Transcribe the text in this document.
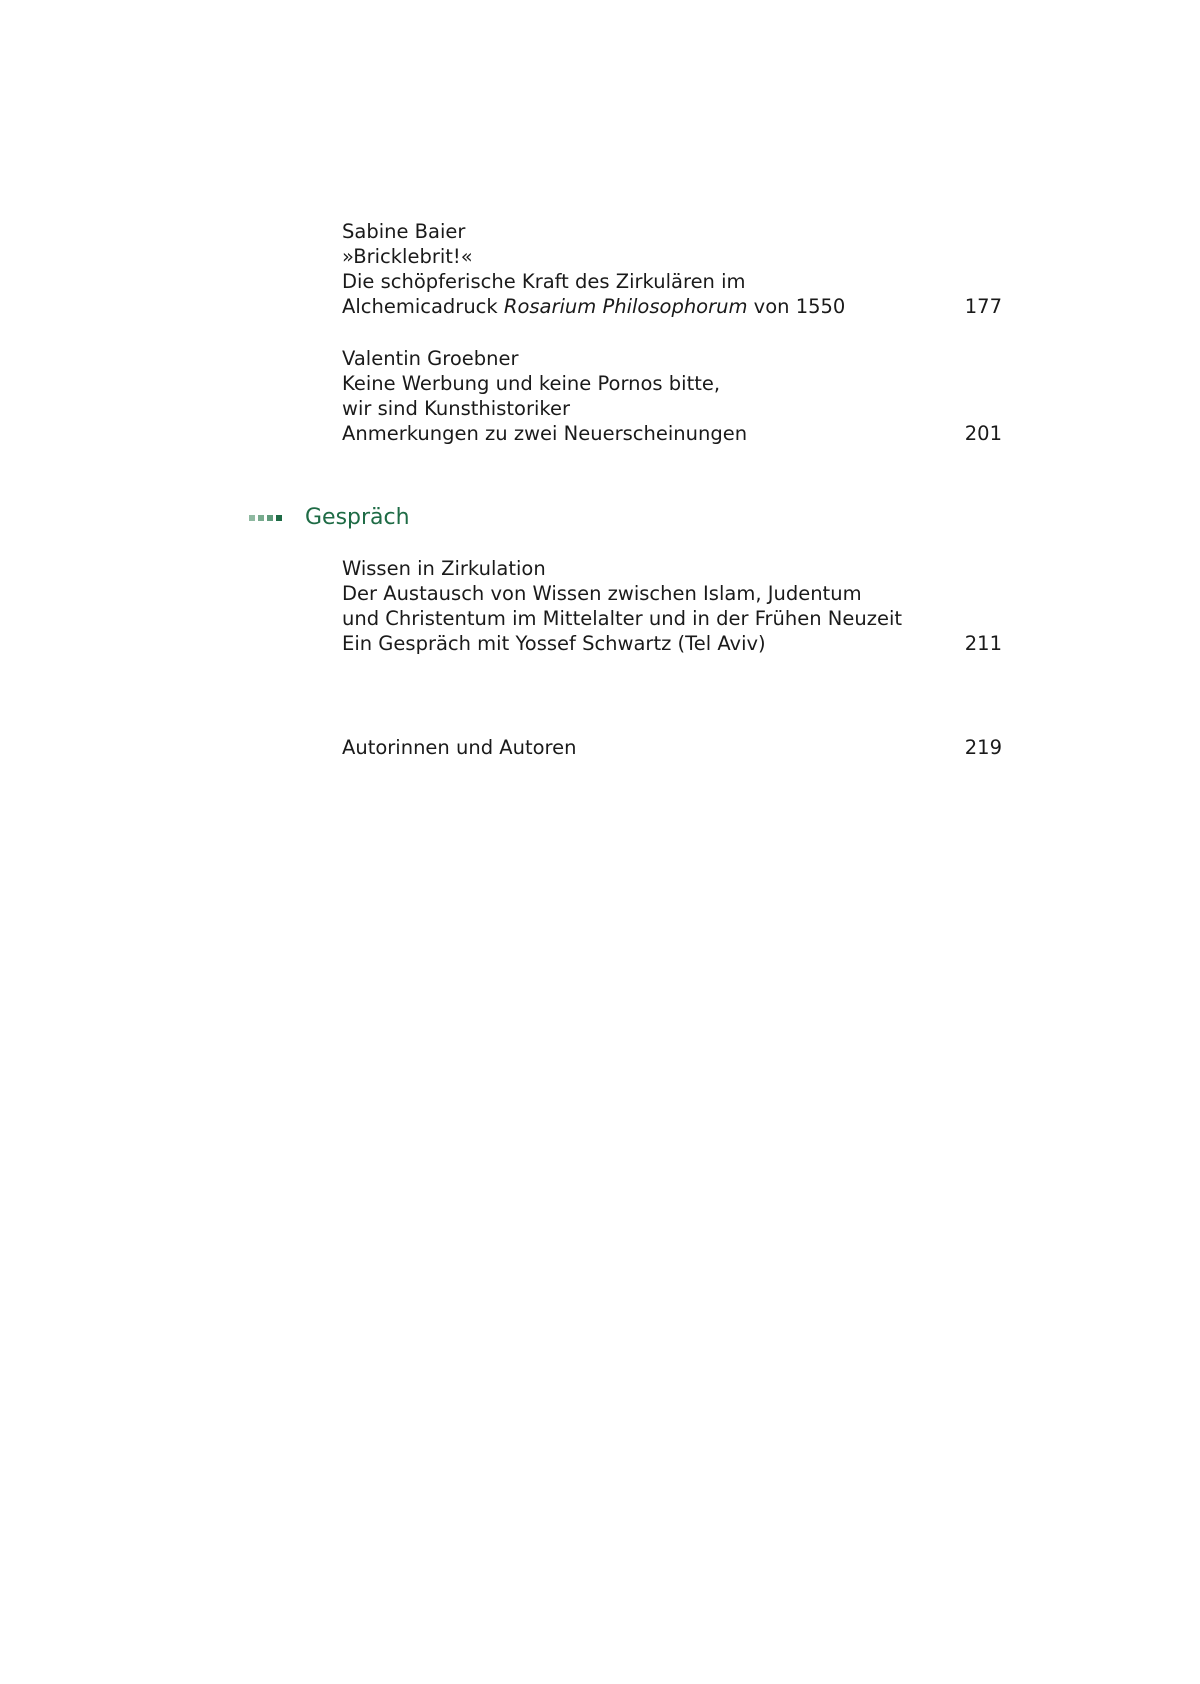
Sabine Baier
»Bricklebrit!«
Die schöpferische Kraft des Zirkulären im
Alchemicadruck Rosarium Philosophorum von 1550	177
Valentin Groebner
Keine Werbung und keine Pornos bitte,
wir sind Kunsthistoriker
Anmerkungen zu zwei Neuerscheinungen	201
Gespräch
Wissen in Zirkulation
Der Austausch von Wissen zwischen Islam, Judentum
und Christentum im Mittelalter und in der Frühen Neuzeit
Ein Gespräch mit Yossef Schwartz (Tel Aviv)	211
Autorinnen und Autoren	219
